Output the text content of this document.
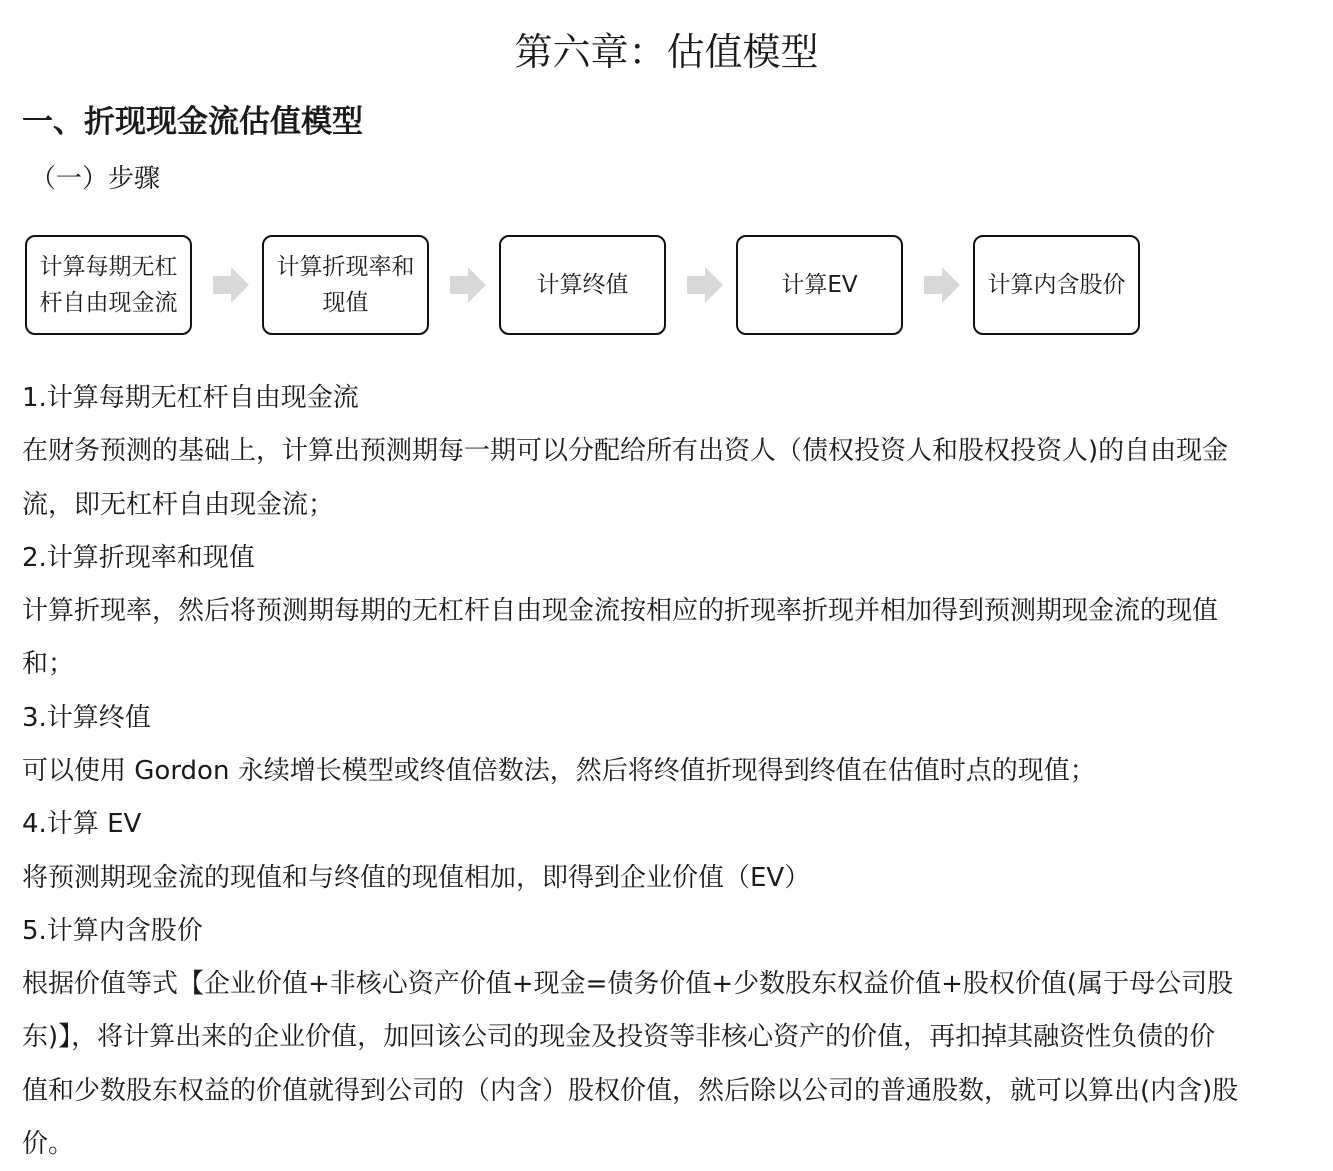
第六章：估值模型
一、折现现金流估值模型
（一）步骤
计算每期无杠
杆自由现金流
计算折现率和
现值
计算终值	计算EV	计算内含股价
1.计算每期无杠杆自由现金流
在财务预测的基础上，计算出预测期每一期可以分配给所有出资人（债权投资人和股权投资人)的自由现金
流，即无杠杆自由现金流；
2.计算折现率和现值
计算折现率，然后将预测期每期的无杠杆自由现金流按相应的折现率折现并相加得到预测期现金流的现值
和；
3.计算终值
可以使用 Gordon 永续增长模型或终值倍数法，然后将终值折现得到终值在估值时点的现值；
4.计算 EV
将预测期现金流的现值和与终值的现值相加，即得到企业价值（EV）
5.计算内含股价
根据价值等式【企业价值+非核心资产价值+现金=债务价值+少数股东权益价值+股权价值(属于母公司股
东)】，将计算出来的企业价值，加回该公司的现金及投资等非核心资产的价值，再扣掉其融资性负债的价
值和少数股东权益的价值就得到公司的（内含）股权价值，然后除以公司的普通股数，就可以算出(内含)股
价。
